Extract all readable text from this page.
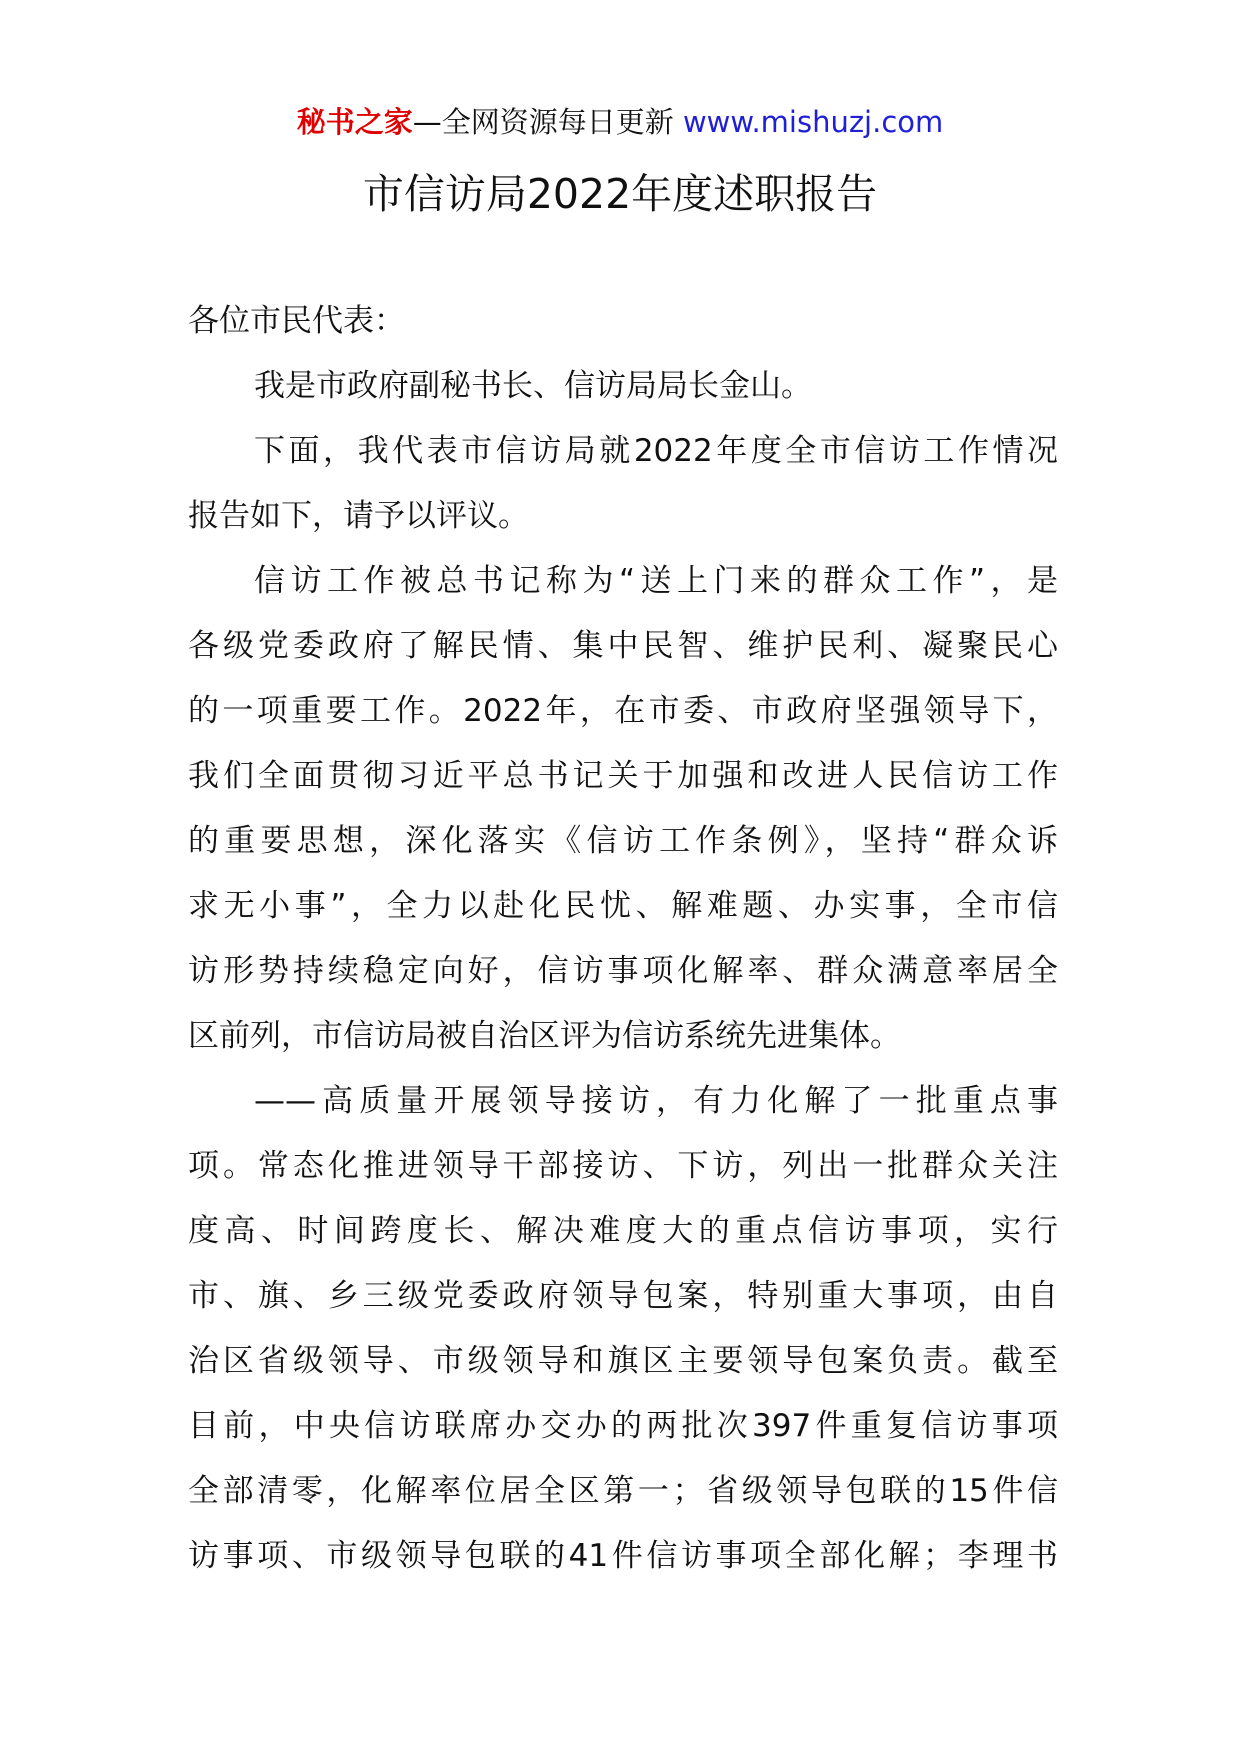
秘书之家—全网资源每日更新 www.mishuzj.com
市信访局2022年度述职报告
各位市民代表：
我是市政府副秘书长、信访局局长金山。
下面，我代表市信访局就2022年度全市信访工作情况
报告如下，请予以评议。
信访工作被总书记称为“送上门来的群众工作”，是
各级党委政府了解民情、集中民智、维护民利、凝聚民心
的一项重要工作。2022年，在市委、市政府坚强领导下，
我们全面贯彻习近平总书记关于加强和改进人民信访工作
的重要思想，深化落实《信访工作条例》，坚持“群众诉
求无小事”，全力以赴化民忧、解难题、办实事，全市信
访形势持续稳定向好，信访事项化解率、群众满意率居全
区前列，市信访局被自治区评为信访系统先进集体。
——高质量开展领导接访，有力化解了一批重点事
项。常态化推进领导干部接访、下访，列出一批群众关注
度高、时间跨度长、解决难度大的重点信访事项，实行
市、旗、乡三级党委政府领导包案，特别重大事项，由自
治区省级领导、市级领导和旗区主要领导包案负责。截至
目前，中央信访联席办交办的两批次397件重复信访事项
全部清零，化解率位居全区第一；省级领导包联的15件信
访事项、市级领导包联的41件信访事项全部化解；李理书
